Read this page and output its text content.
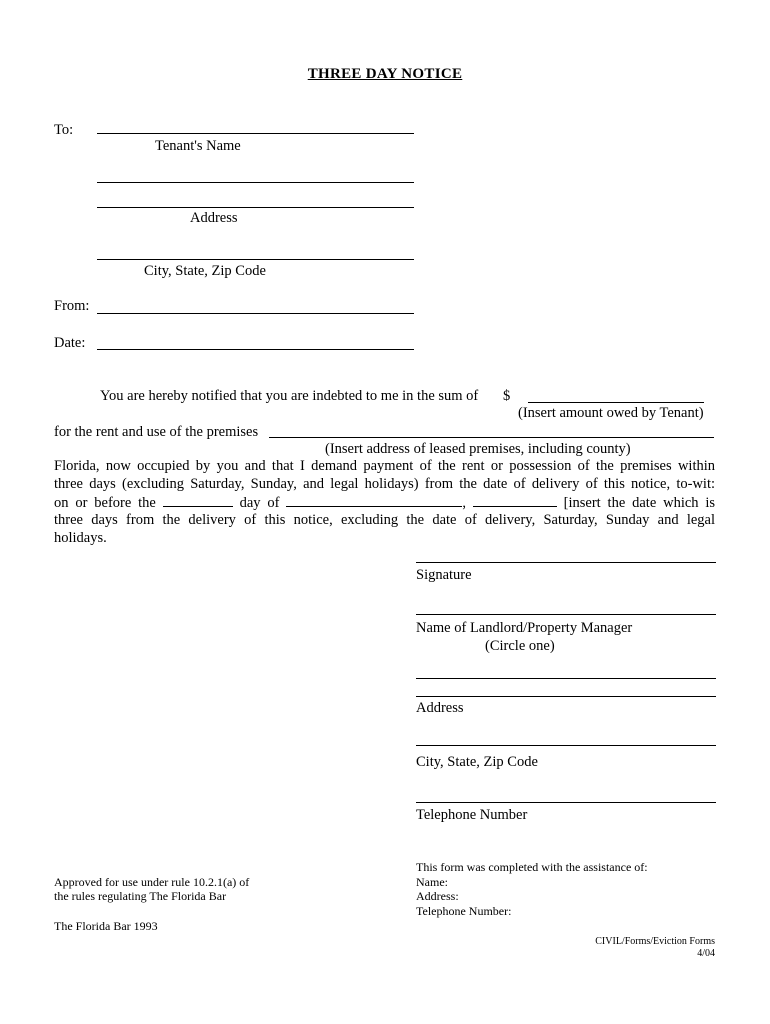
THREE DAY NOTICE
To:
Tenant's Name
Address
City, State, Zip Code
From:
Date:
You are hereby notified that you are indebted to me in the sum of $
(Insert amount owed by Tenant)
for the rent and use of the premises
(Insert address of leased premises, including county)
Florida, now occupied by you and that I demand payment of the rent or possession of the premises within
three days (excluding Saturday, Sunday, and legal holidays) from the date of delivery of this notice, to-wit:
on or before the	day of	,	[insert the date which is
three days from the delivery of this notice, excluding the date of delivery, Saturday, Sunday and legal
holidays.
Signature
Name of Landlord/Property Manager
(Circle one)
Address
City, State, Zip Code
Telephone Number
Approved for use under rule 10.2.1(a) of
the rules regulating The Florida Bar
The Florida Bar 1993
This form was completed with the assistance of:
Name:
Address:
Telephone Number:
CIVIL/Forms/Eviction Forms
4/04
